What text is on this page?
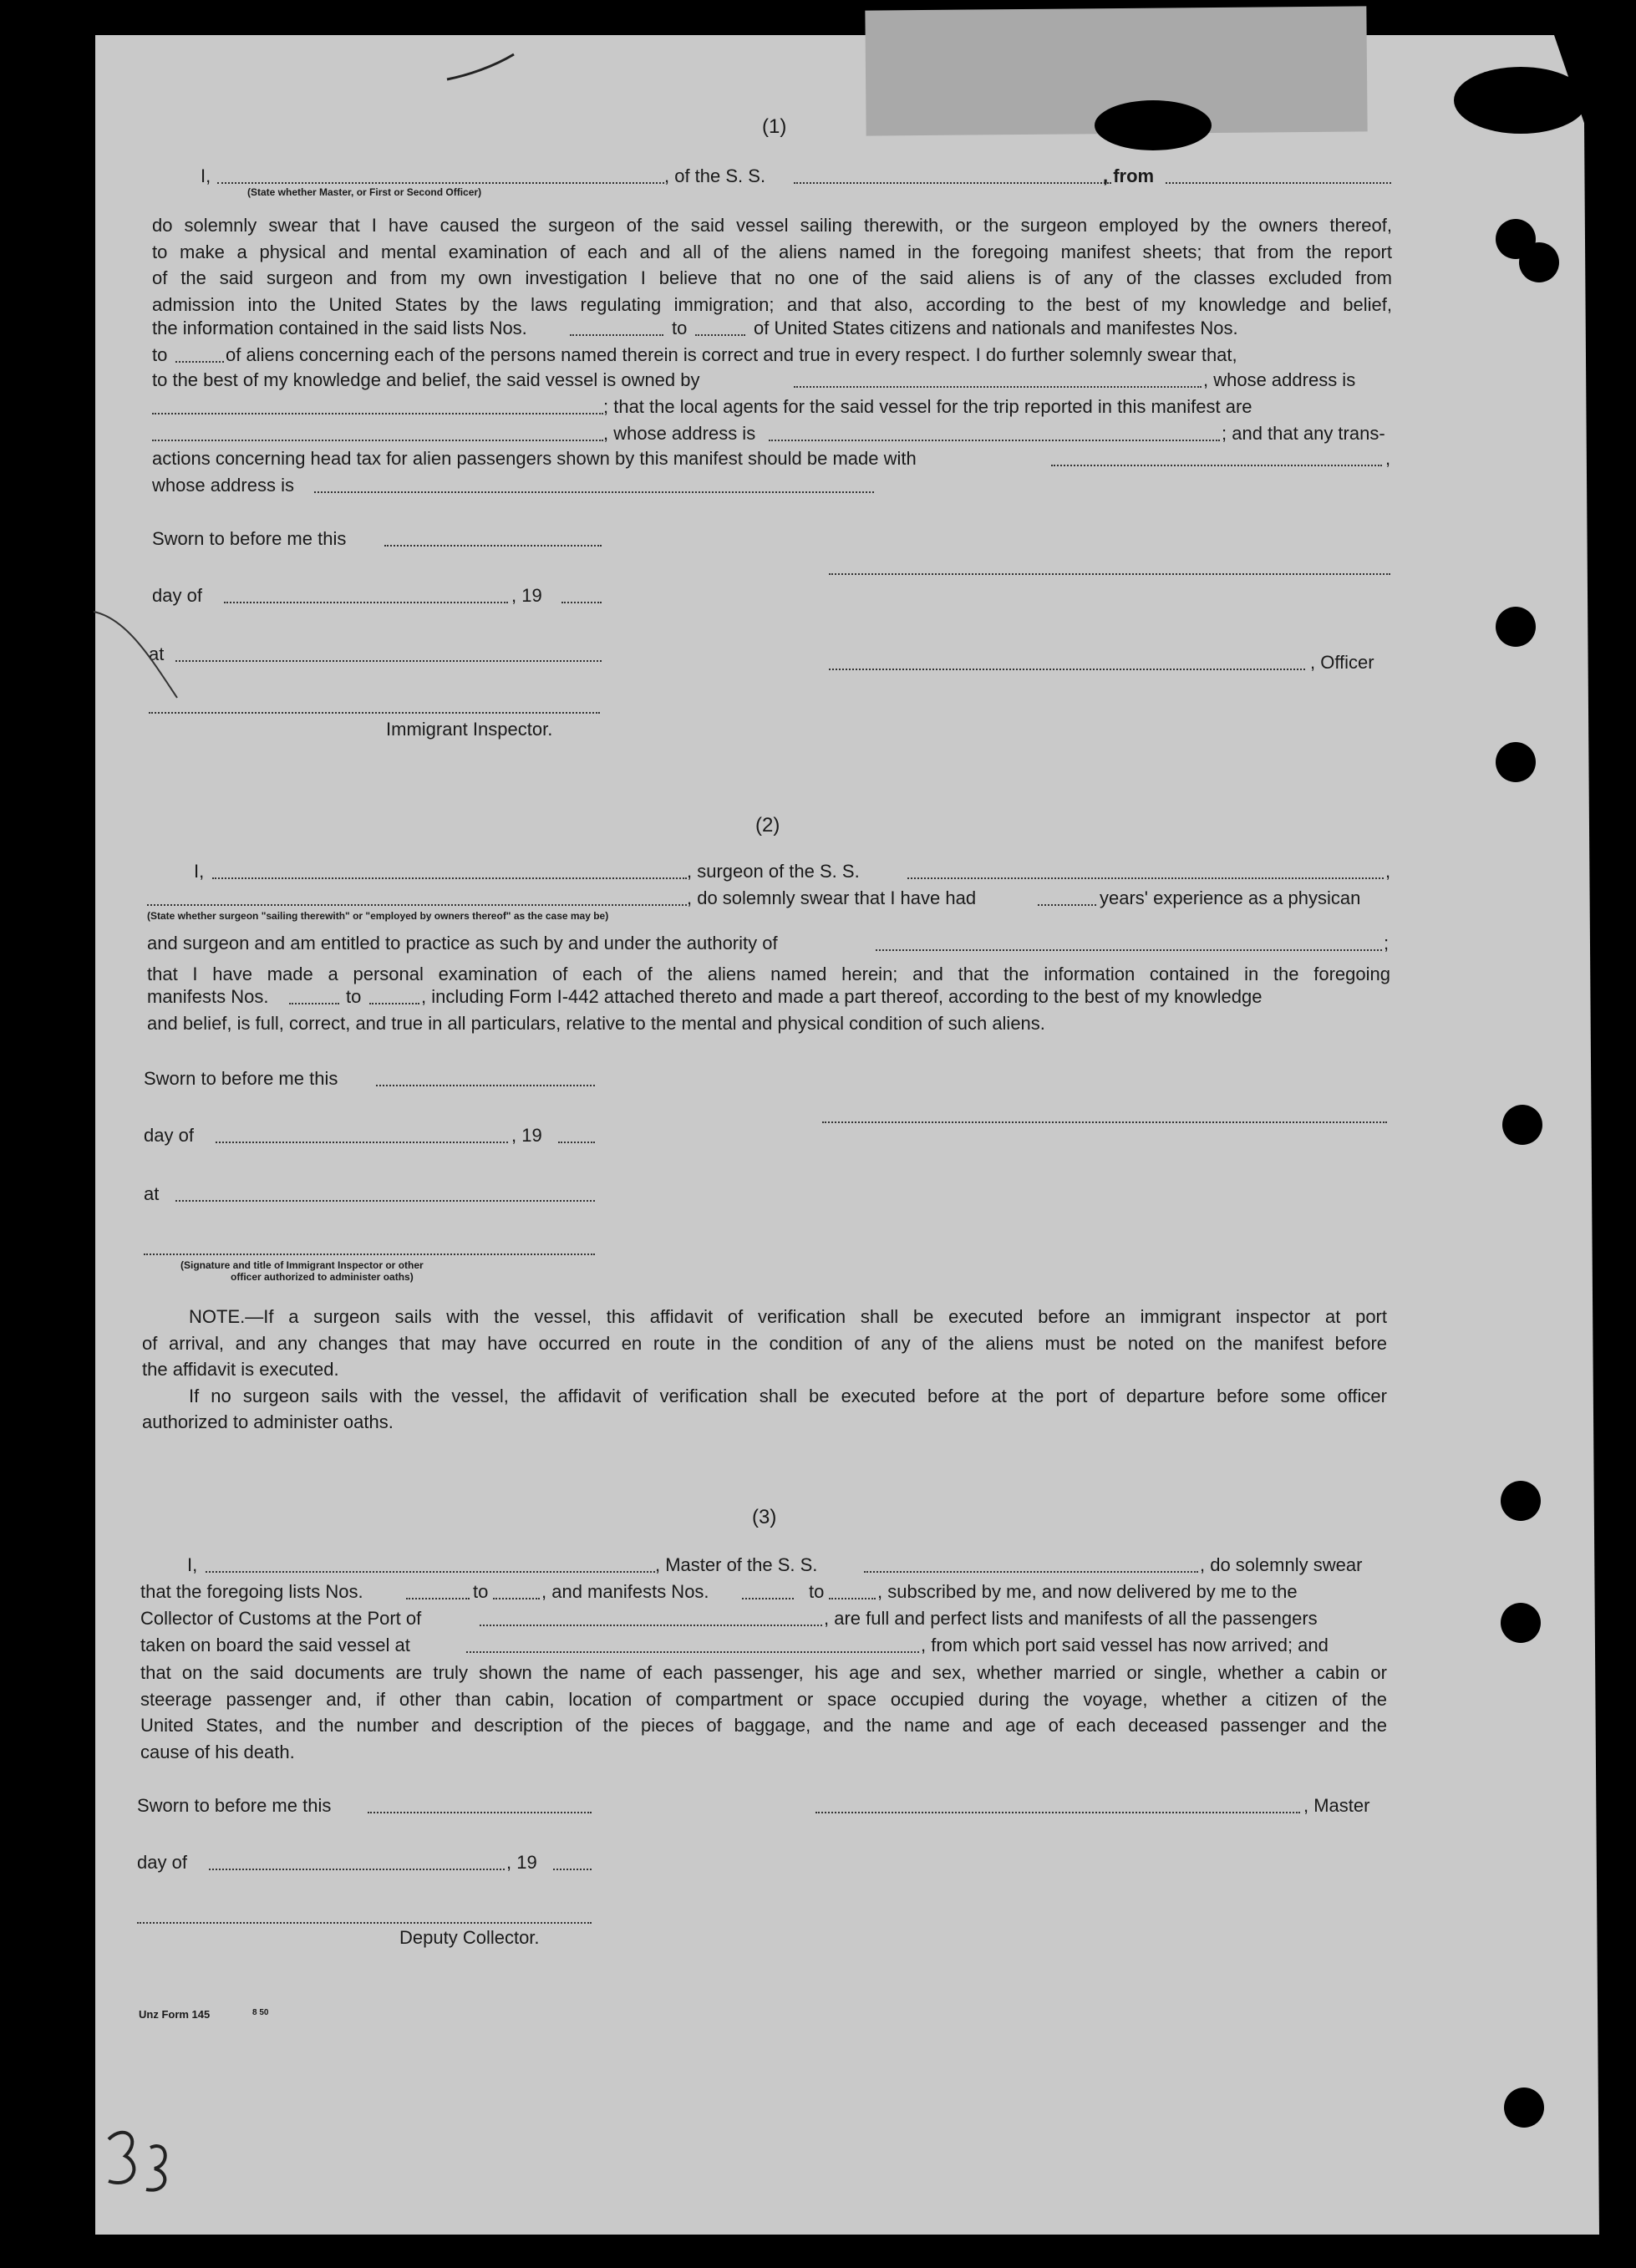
(1)
I,	, of the S. S.	, from
(State whether Master, or First or Second Officer)

do solemnly swear that I have caused the surgeon of the said vessel sailing therewith, or the surgeon employed by the owners thereof,

to make a physical and mental examination of each and all of the aliens named in the foregoing manifest sheets; that from the report

of the said surgeon and from my own investigation I believe that no one of the said aliens is of any of the classes excluded from

admission into the United States by the laws regulating immigration; and that also, according to the best of my knowledge and belief,

the information contained in the said lists Nos.	to	of United States citizens and nationals and manifestes Nos.
to	of aliens concerning each of the persons named therein is correct and true in every respect. I do further solemnly swear that,
to the best of my knowledge and belief, the said vessel is owned by	, whose address is
; that the local agents for the said vessel for the trip reported in this manifest are
, whose address is	; and that any trans-
actions concerning head tax for alien passengers shown by this manifest should be made with	,
whose address is
Sworn to before me this
day of	, 19
at	, Officer
Immigrant Inspector.
(2)
I,	, surgeon of the S. S.	,
, do solemnly swear that I have had	years' experience as a physican
(State whether surgeon "sailing therewith" or "employed by owners thereof" as the case may be)
and surgeon and am entitled to practice as such by and under the authority of	;

that I have made a personal examination of each of the aliens named herein; and that the information contained in the foregoing

manifests Nos.	to	, including Form I-442 attached thereto and made a part thereof, according to the best of my knowledge
and belief, is full, correct, and true in all particulars, relative to the mental and physical condition of such aliens.
Sworn to before me this
day of	, 19
at
(Signature and title of Immigrant Inspector or other
officer authorized to administer oaths)

NOTE.—If a surgeon sails with the vessel, this affidavit of verification shall be executed before an immigrant inspector at port

of arrival, and any changes that may have occurred en route in the condition of any of the aliens must be noted on the manifest before

the affidavit is executed.

If no surgeon sails with the vessel, the affidavit of verification shall be executed before at the port of departure before some officer

authorized to administer oaths.

(3)
I,	, Master of the S. S.	, do solemnly swear
that the foregoing lists Nos.	to	, and manifests Nos.	to	, subscribed by me, and now delivered by me to the
Collector of Customs at the Port of	, are full and perfect lists and manifests of all the passengers
taken on board the said vessel at	, from which port said vessel has now arrived; and

that on the said documents are truly shown the name of each passenger, his age and sex, whether married or single, whether a cabin or

steerage passenger and, if other than cabin, location of compartment or space occupied during the voyage, whether a citizen of the

United States, and the number and description of the pieces of baggage, and the name and age of each deceased passenger and the

cause of his death.

Sworn to before me this	, Master
day of	, 19
Deputy Collector.
Unz Form 145	8 50
